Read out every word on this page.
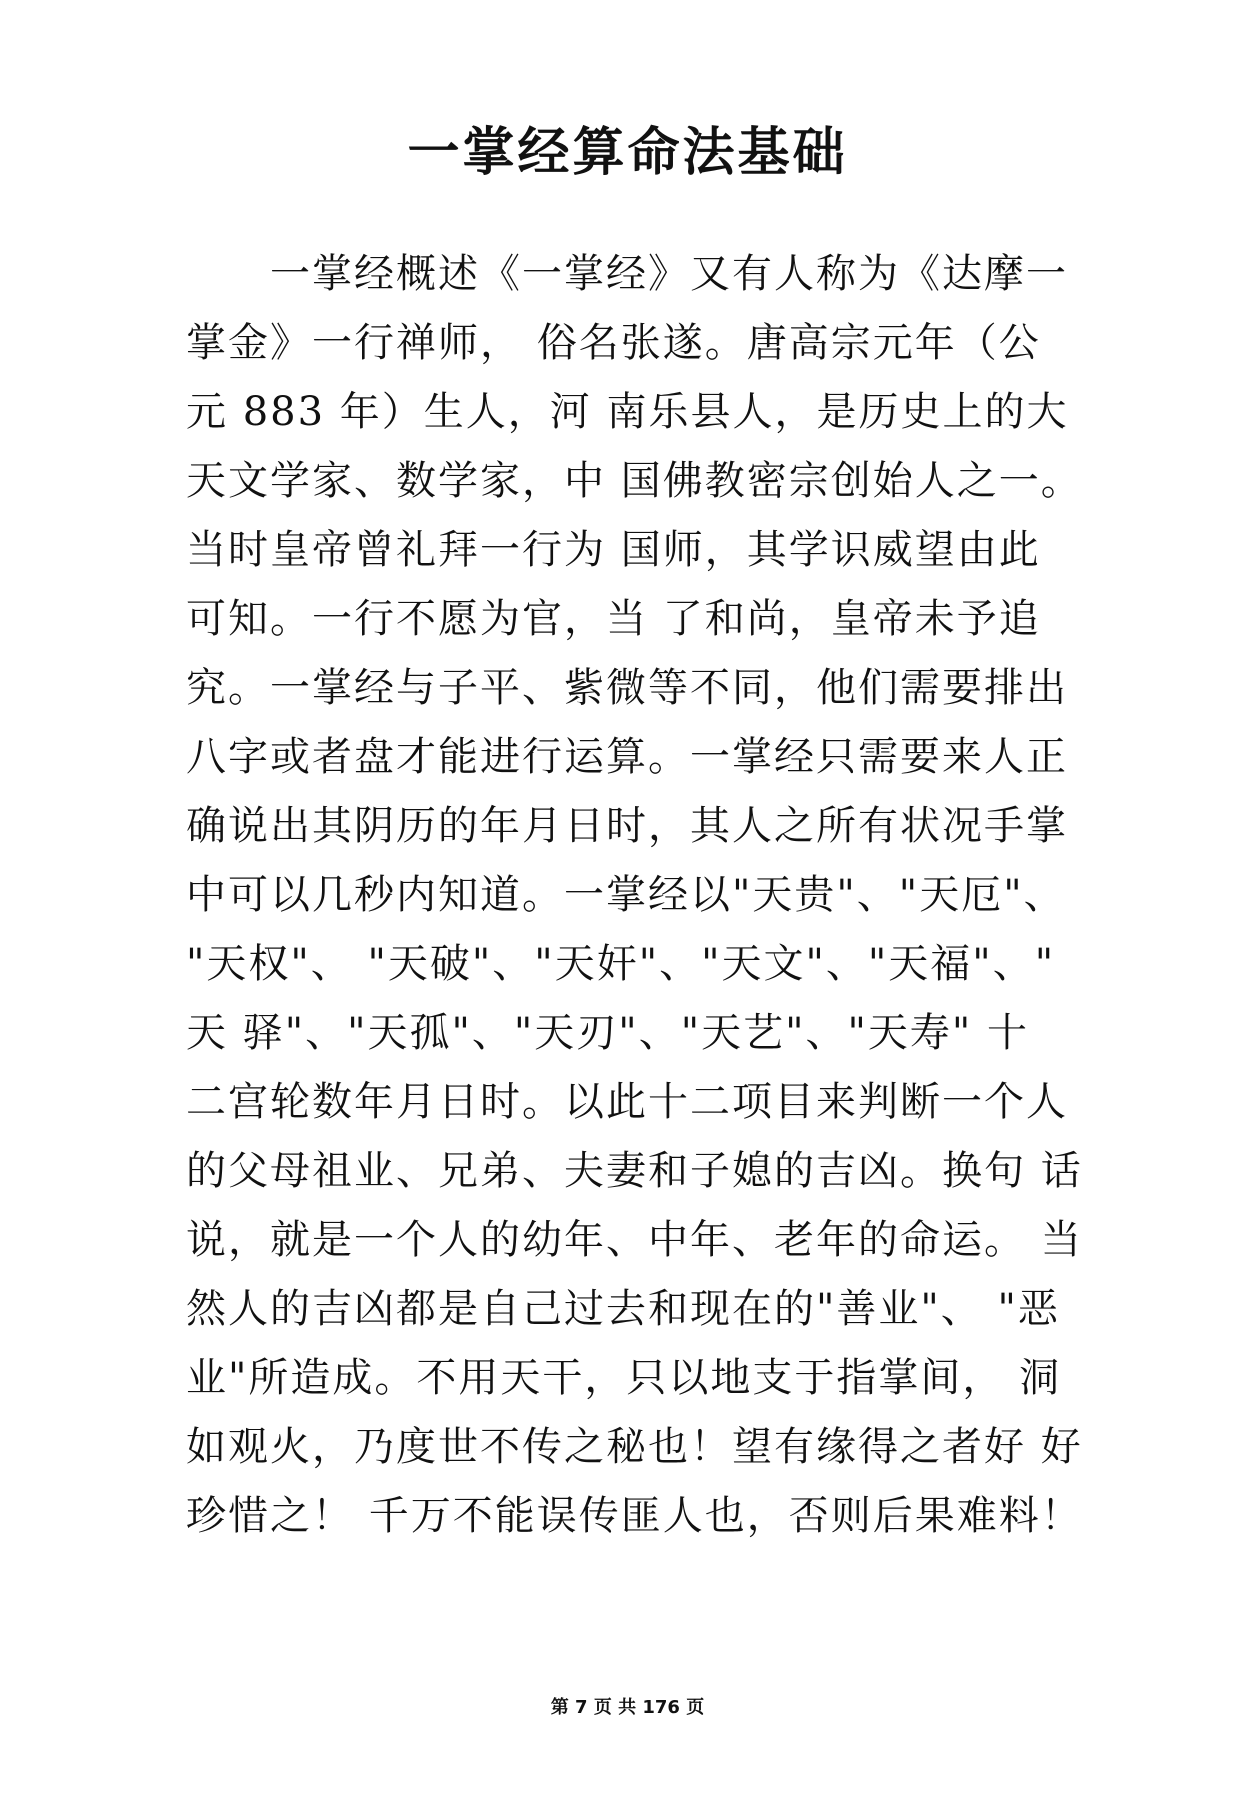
一掌经算命法基础
　　一掌经概述《一掌经》又有人称为《达摩一
掌金》一行禅师， 俗名张遂。唐高宗元年（公
元 883 年）生人，河 南乐县人，是历史上的大
天文学家、数学家，中 国佛教密宗创始人之一。
当时皇帝曾礼拜一行为 国师，其学识威望由此
可知。一行不愿为官，当 了和尚，皇帝未予追
究。一掌经与子平、紫微等不同，他们需要排出
八字或者盘才能进行运算。一掌经只需要来人正
确说出其阴历的年月日时，其人之所有状况手掌
中可以几秒内知道。一掌经以"天贵"、"天厄"、
"天权"、 "天破"、"天奸"、"天文"、"天福"、"
天 驿"、"天孤"、"天刃"、"天艺"、"天寿" 十
二宫轮数年月日时。以此十二项目来判断一个人
的父母祖业、兄弟、夫妻和子媳的吉凶。换句 话
说，就是一个人的幼年、中年、老年的命运。 当
然人的吉凶都是自己过去和现在的"善业"、 "恶
业"所造成。不用天干，只以地支于指掌间， 洞
如观火，乃度世不传之秘也！望有缘得之者好 好
珍惜之！ 千万不能误传匪人也，否则后果难料！
第 7 页 共 176 页
